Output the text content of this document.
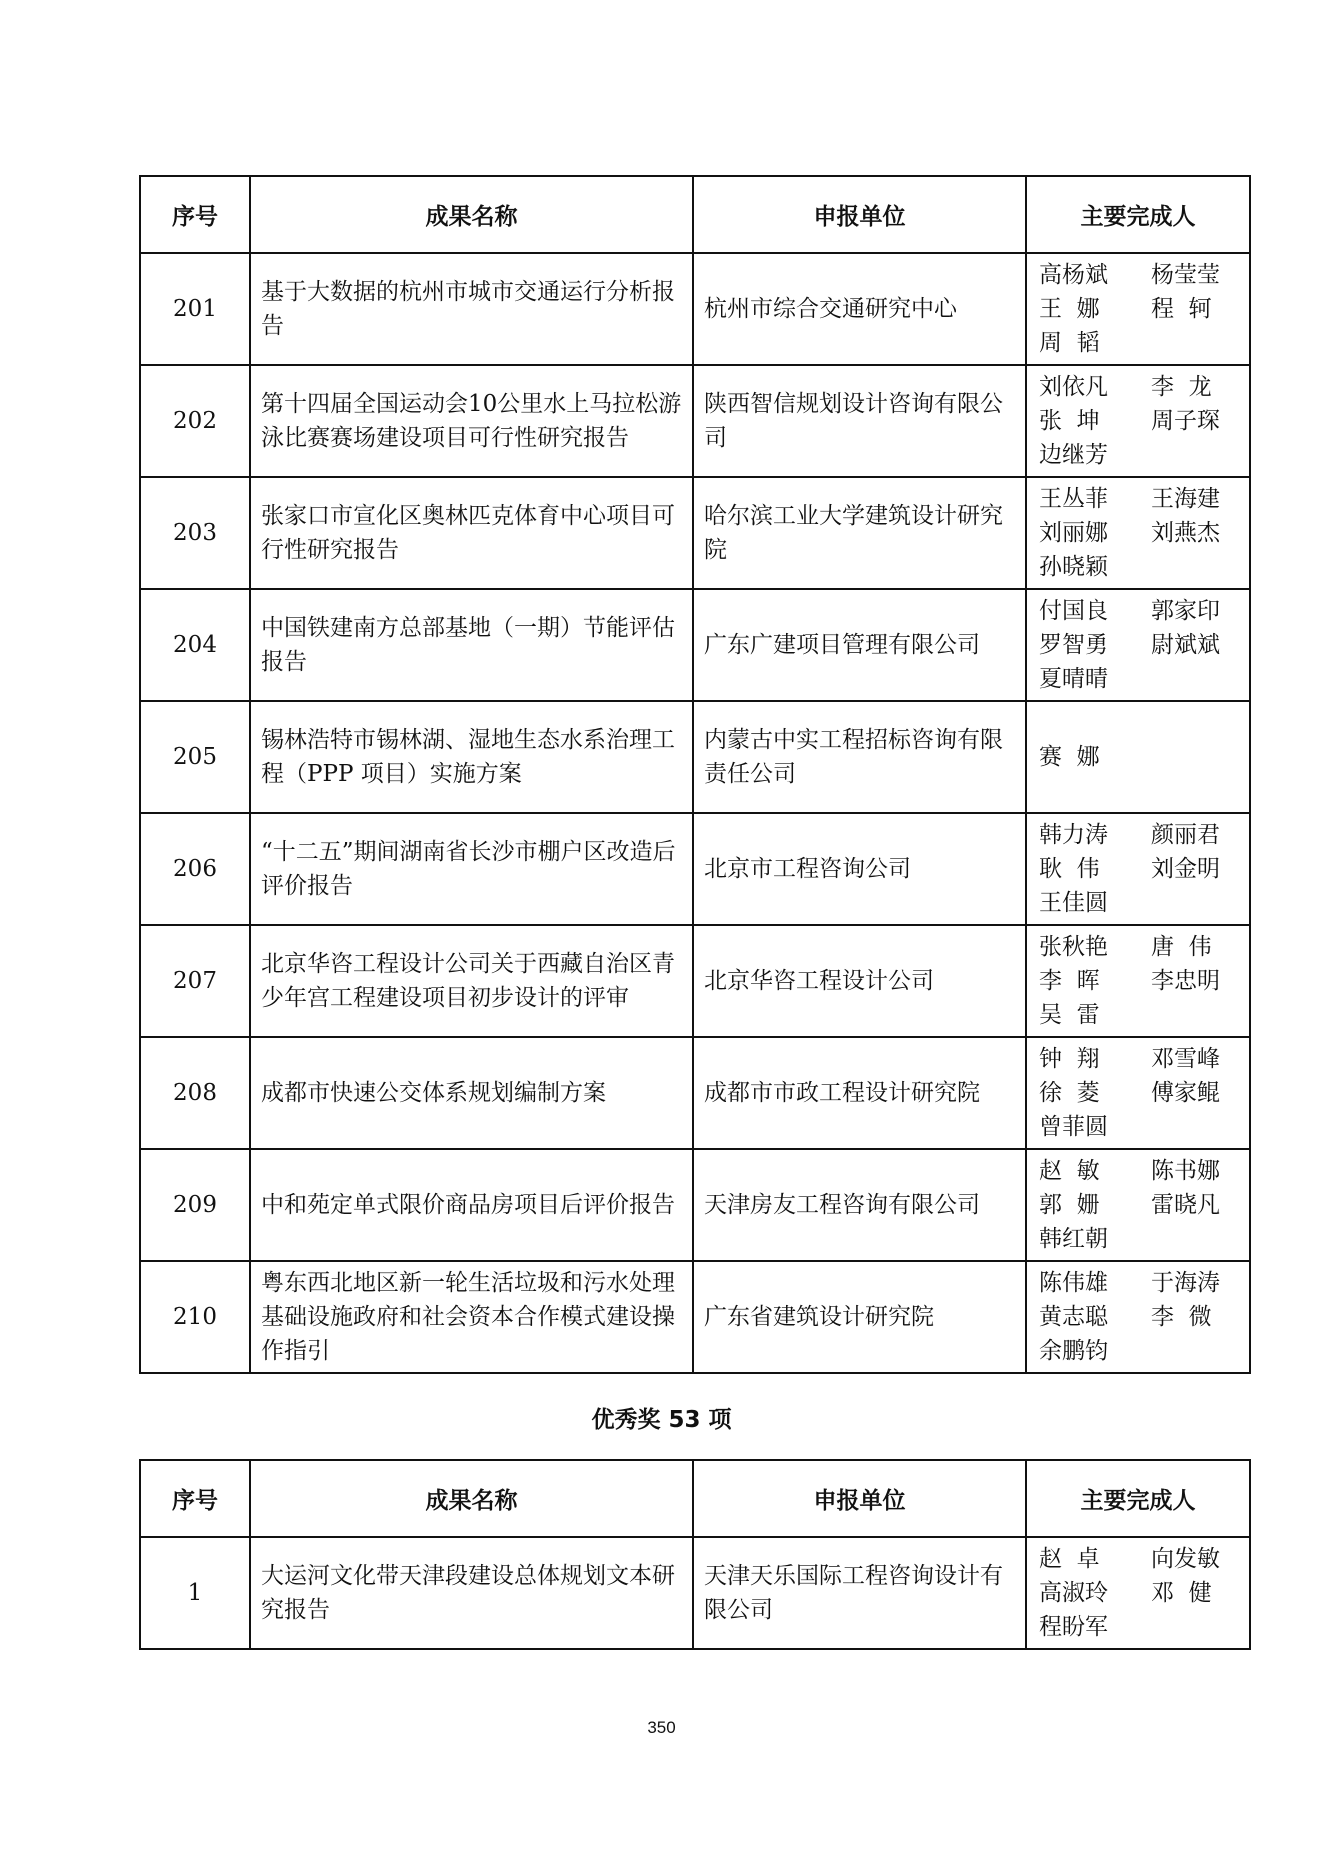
序号	成果名称	申报单位	主要完成人
201	基于大数据的杭州市城市交通运行分析报告	杭州市综合交通研究中心	高杨斌 杨莹莹
王  娜 程  轲
周  韬

202	第十四届全国运动会10公里水上马拉松游泳比赛赛场建设项目可行性研究报告	陕西智信规划设计咨询有限公司	刘依凡 李  龙
张  坤 周子琛
边继芳

203	张家口市宣化区奥林匹克体育中心项目可行性研究报告	哈尔滨工业大学建筑设计研究院	王丛菲 王海建
刘丽娜 刘燕杰
孙晓颖

204	中国铁建南方总部基地（一期）节能评估报告	广东广建项目管理有限公司	付国良 郭家印
罗智勇 尉斌斌
夏晴晴

205	锡林浩特市锡林湖、湿地生态水系治理工程（PPP 项目）实施方案	内蒙古中实工程招标咨询有限责任公司	赛  娜

206	“十二五”期间湖南省长沙市棚户区改造后评价报告	北京市工程咨询公司	韩力涛 颜丽君
耿  伟 刘金明
王佳圆

207	北京华咨工程设计公司关于西藏自治区青少年宫工程建设项目初步设计的评审	北京华咨工程设计公司	张秋艳 唐  伟
李  晖 李忠明
吴  雷

208	成都市快速公交体系规划编制方案	成都市市政工程设计研究院	钟  翔 邓雪峰
徐  菱 傅家鲲
曾菲圆

209	中和苑定单式限价商品房项目后评价报告	天津房友工程咨询有限公司	赵  敏 陈书娜
郭  姗 雷晓凡
韩红朝

210	粤东西北地区新一轮生活垃圾和污水处理基础设施政府和社会资本合作模式建设操作指引	广东省建筑设计研究院	陈伟雄 于海涛
黄志聪 李  微
余鹏钧
优秀奖 53 项
序号	成果名称	申报单位	主要完成人
1	大运河文化带天津段建设总体规划文本研究报告	天津天乐国际工程咨询设计有限公司	赵  卓 向发敏
高淑玲 邓  健
程盼军
350
